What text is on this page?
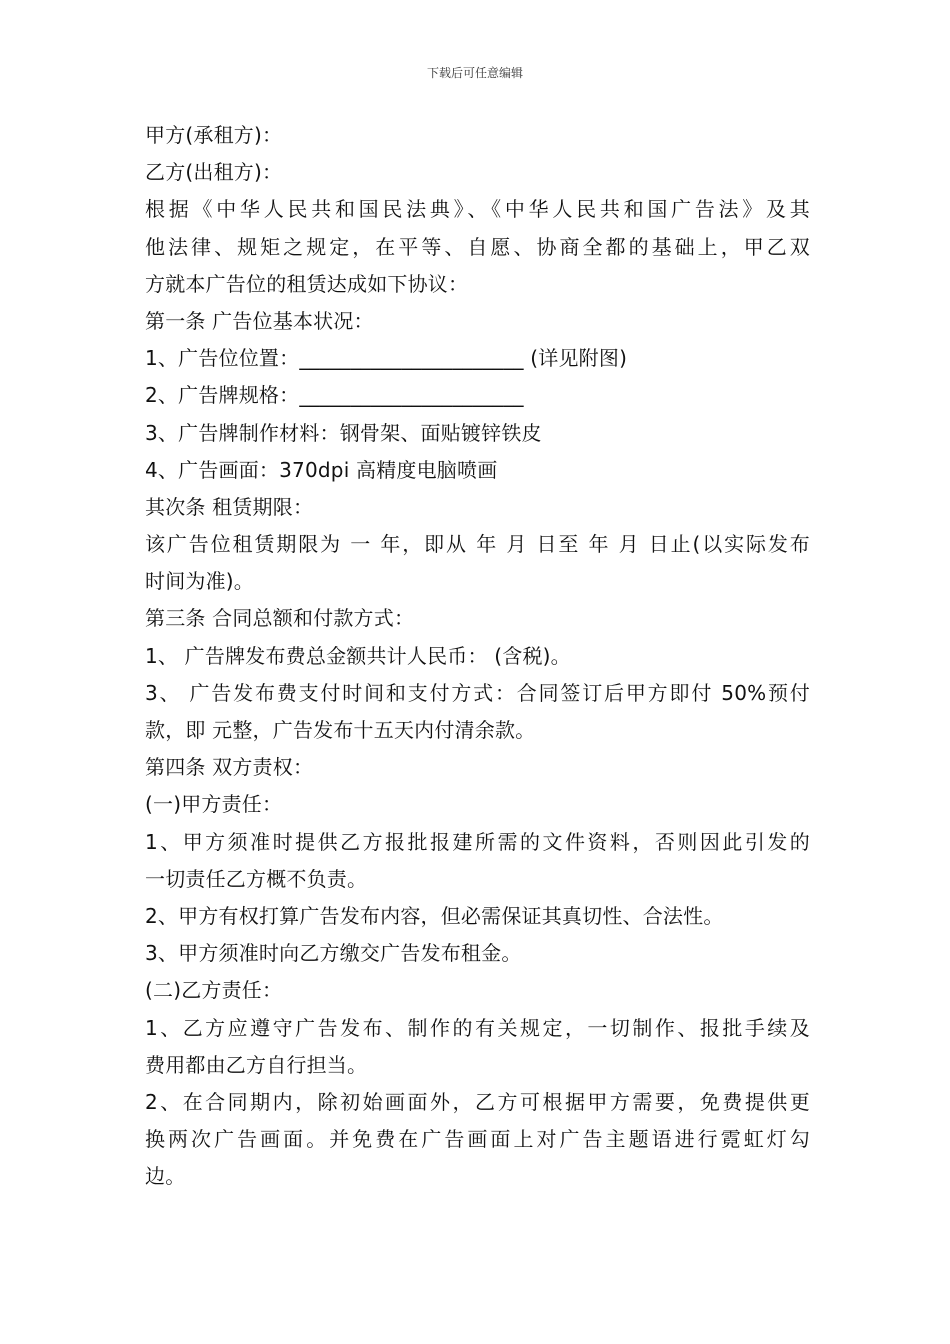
下载后可任意编辑
甲方(承租方)：
乙方(出租方)：
根据《中华人民共和国民法典》、《中华人民共和国广告法》及其
他法律、规矩之规定，在平等、自愿、协商全都的基础上，甲乙双
方就本广告位的租赁达成如下协议：
第一条 广告位基本状况：
1、广告位位置：______________________ (详见附图)
2、广告牌规格：______________________
3、广告牌制作材料：钢骨架、面贴镀锌铁皮
4、广告画面：370dpi 高精度电脑喷画
其次条 租赁期限：
该广告位租赁期限为 一 年，即从 年 月 日至 年 月 日止(以实际发布
时间为准)。
第三条 合同总额和付款方式：
1、 广告牌发布费总金额共计人民币： (含税)。
3、 广告发布费支付时间和支付方式：合同签订后甲方即付 50%预付
款，即 元整，广告发布十五天内付清余款。
第四条 双方责权：
(一)甲方责任：
1、甲方须准时提供乙方报批报建所需的文件资料，否则因此引发的
一切责任乙方概不负责。
2、甲方有权打算广告发布内容，但必需保证其真切性、合法性。
3、甲方须准时向乙方缴交广告发布租金。
(二)乙方责任：
1、乙方应遵守广告发布、制作的有关规定，一切制作、报批手续及
费用都由乙方自行担当。
2、在合同期内，除初始画面外，乙方可根据甲方需要，免费提供更
换两次广告画面。并免费在广告画面上对广告主题语进行霓虹灯勾
边。
